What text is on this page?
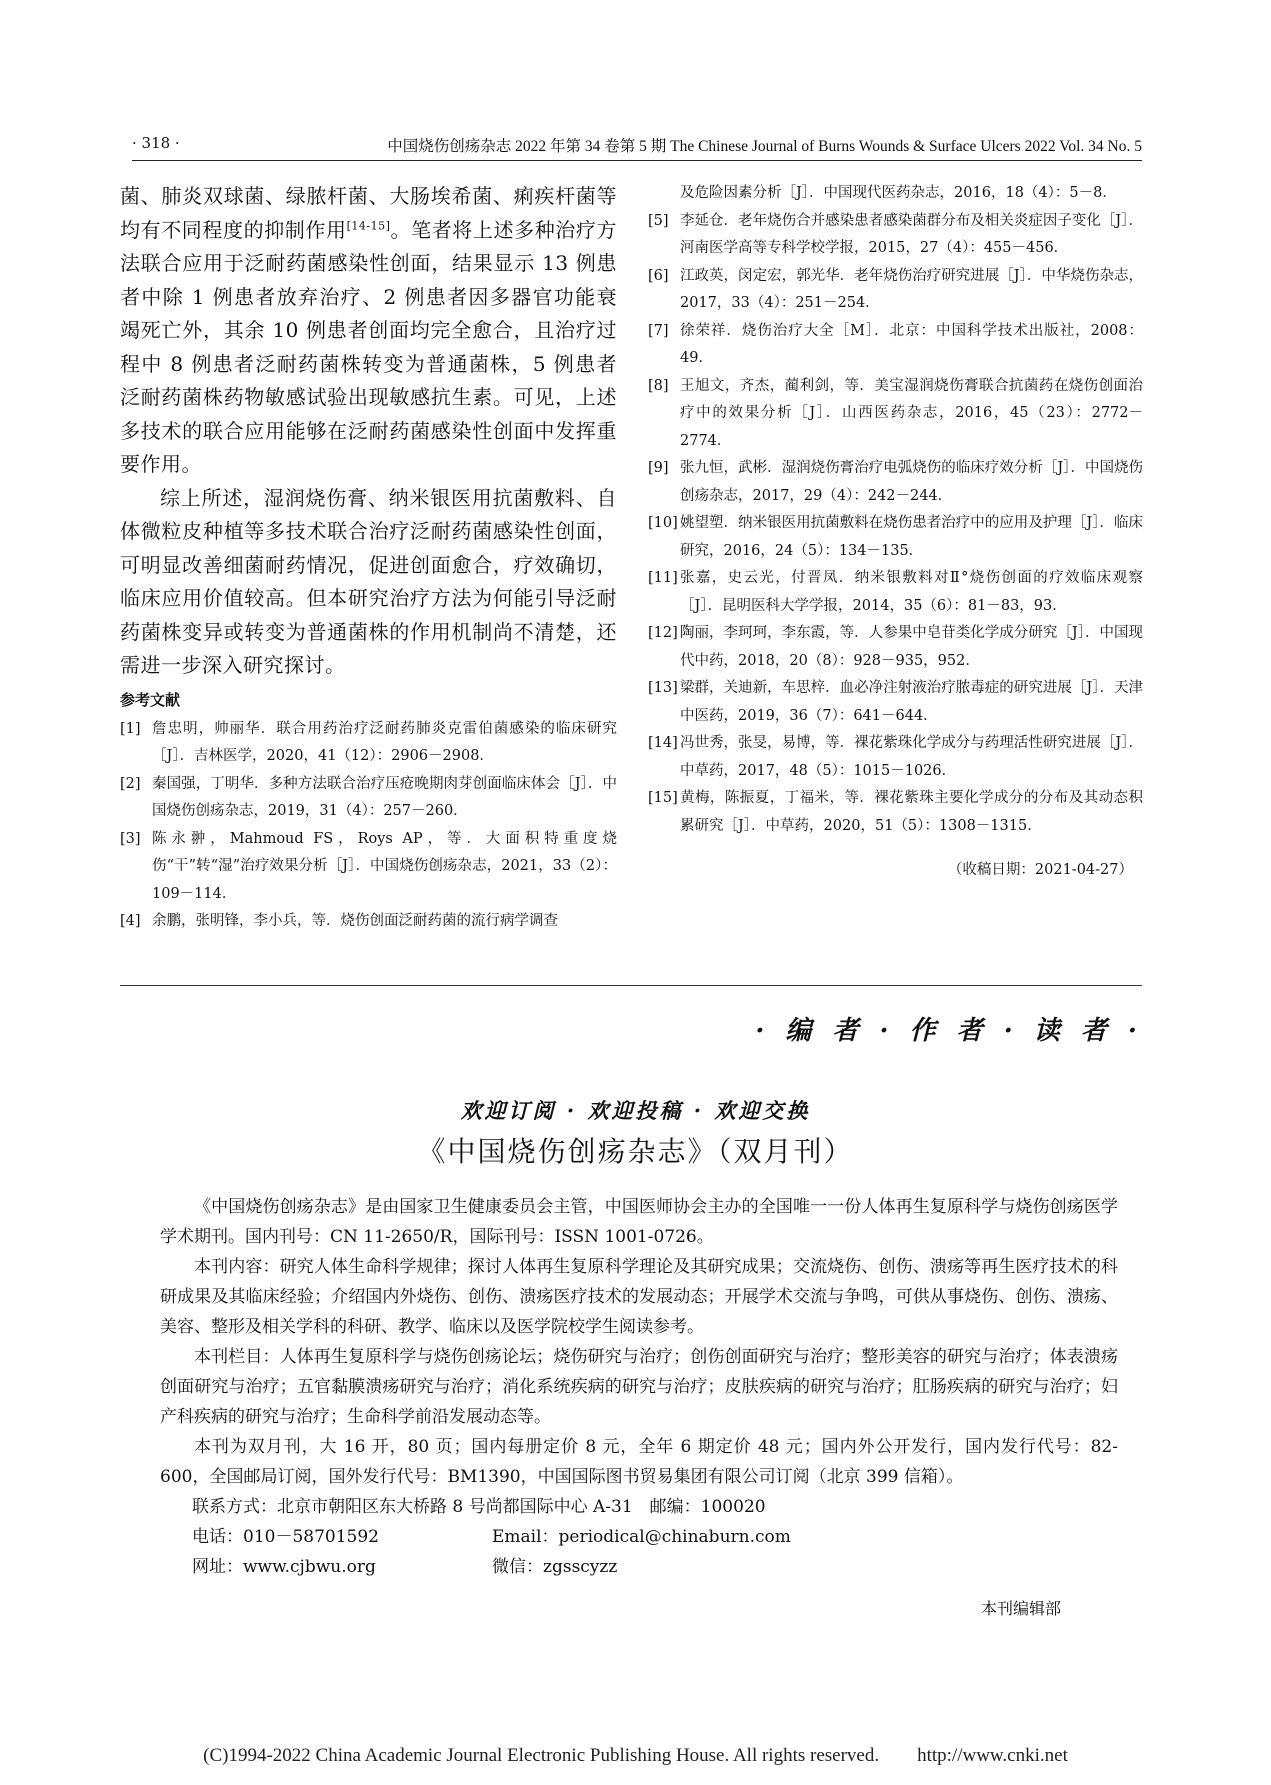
· 318 ·	中国烧伤创疡杂志 2022 年第 34 卷第 5 期 The Chinese Journal of Burns Wounds & Surface Ulcers 2022 Vol. 34 No. 5

菌、肺炎双球菌、绿脓杆菌、大肠埃希菌、痢疾杆菌等均有不同程度的抑制作用[14-15]。笔者将上述多种治疗方法联合应用于泛耐药菌感染性创面，结果显示 13 例患者中除 1 例患者放弃治疗、2 例患者因多器官功能衰竭死亡外，其余 10 例患者创面均完全愈合，且治疗过程中 8 例患者泛耐药菌株转变为普通菌株，5 例患者泛耐药菌株药物敏感试验出现敏感抗生素。可见，上述多技术的联合应用能够在泛耐药菌感染性创面中发挥重要作用。

综上所述，湿润烧伤膏、纳米银医用抗菌敷料、自体微粒皮种植等多技术联合治疗泛耐药菌感染性创面，可明显改善细菌耐药情况，促进创面愈合，疗效确切，临床应用价值较高。但本研究治疗方法为何能引导泛耐药菌株变异或转变为普通菌株的作用机制尚不清楚，还需进一步深入研究探讨。

参考文献
[1] 詹忠明，帅丽华．联合用药治疗泛耐药肺炎克雷伯菌感染的临床研究［J］．吉林医学，2020，41（12）：2906－2908．
[2] 秦国强，丁明华．多种方法联合治疗压疮晚期肉芽创面临床体会［J］．中国烧伤创疡杂志，2019，31（4）：257－260．
[3] 陈永翀，Mahmoud FS，Roys AP，等．大面积特重度烧伤“干”转“湿”治疗效果分析［J］．中国烧伤创疡杂志，2021，33（2）：109－114．
[4] 余鹏，张明锋，李小兵，等．烧伤创面泛耐药菌的流行病学调查
及危险因素分析［J］．中国现代医药杂志，2016，18（4）：5－8．
[5] 李延仓．老年烧伤合并感染患者感染菌群分布及相关炎症因子变化［J］．河南医学高等专科学校学报，2015，27（4）：455－456．
[6] 江政英，闵定宏，郭光华．老年烧伤治疗研究进展［J］．中华烧伤杂志，2017，33（4）：251－254．
[7] 徐荣祥．烧伤治疗大全［M］．北京：中国科学技术出版社，2008：49．
[8] 王旭文，齐杰，蔺利剑，等．美宝湿润烧伤膏联合抗菌药在烧伤创面治疗中的效果分析［J］．山西医药杂志，2016，45（23）：2772－2774．
[9] 张九恒，武彬．湿润烧伤膏治疗电弧烧伤的临床疗效分析［J］．中国烧伤创疡杂志，2017，29（4）：242－244．
[10] 姚望塑．纳米银医用抗菌敷料在烧伤患者治疗中的应用及护理［J］．临床研究，2016，24（5）：134－135．
[11] 张嘉，史云光，付晋凤．纳米银敷料对Ⅱ°烧伤创面的疗效临床观察［J］．昆明医科大学学报，2014，35（6）：81－83，93．
[12] 陶丽，李珂珂，李东霞，等．人参果中皂苷类化学成分研究［J］．中国现代中药，2018，20（8）：928－935，952．
[13] 梁群，关迪新，车思梓．血必净注射液治疗脓毒症的研究进展［J］．天津中医药，2019，36（7）：641－644．
[14] 冯世秀，张旻，易博，等．裸花紫珠化学成分与药理活性研究进展［J］．中草药，2017，48（5）：1015－1026．
[15] 黄梅，陈振夏，丁福米，等．裸花紫珠主要化学成分的分布及其动态积累研究［J］．中草药，2020，51（5）：1308－1315．
（收稿日期：2021-04-27）
· 编 者 · 作 者 · 读 者 ·
欢迎订阅 · 欢迎投稿 · 欢迎交换
《中国烧伤创疡杂志》（双月刊）

《中国烧伤创疡杂志》是由国家卫生健康委员会主管，中国医师协会主办的全国唯一一份人体再生复原科学与烧伤创疡医学学术期刊。国内刊号：CN 11-2650/R，国际刊号：ISSN 1001-0726。

本刊内容：研究人体生命科学规律；探讨人体再生复原科学理论及其研究成果；交流烧伤、创伤、溃疡等再生医疗技术的科研成果及其临床经验；介绍国内外烧伤、创伤、溃疡医疗技术的发展动态；开展学术交流与争鸣，可供从事烧伤、创伤、溃疡、美容、整形及相关学科的科研、教学、临床以及医学院校学生阅读参考。

本刊栏目：人体再生复原科学与烧伤创疡论坛；烧伤研究与治疗；创伤创面研究与治疗；整形美容的研究与治疗；体表溃疡创面研究与治疗；五官黏膜溃疡研究与治疗；消化系统疾病的研究与治疗；皮肤疾病的研究与治疗；肛肠疾病的研究与治疗；妇产科疾病的研究与治疗；生命科学前沿发展动态等。

本刊为双月刊，大 16 开，80 页；国内每册定价 8 元，全年 6 期定价 48 元；国内外公开发行，国内发行代号：82-600，全国邮局订阅，国外发行代号：BM1390，中国国际图书贸易集团有限公司订阅（北京 399 信箱）。

联系方式：北京市朝阳区东大桥路 8 号尚都国际中心 A-31　邮编：100020
电话：010－58701592	Email：periodical@chinaburn.com
网址：www.cjbwu.org	微信：zgsscyzz
本刊编辑部
(C)1994-2022 China Academic Journal Electronic Publishing House. All rights reserved.　　http://www.cnki.net
